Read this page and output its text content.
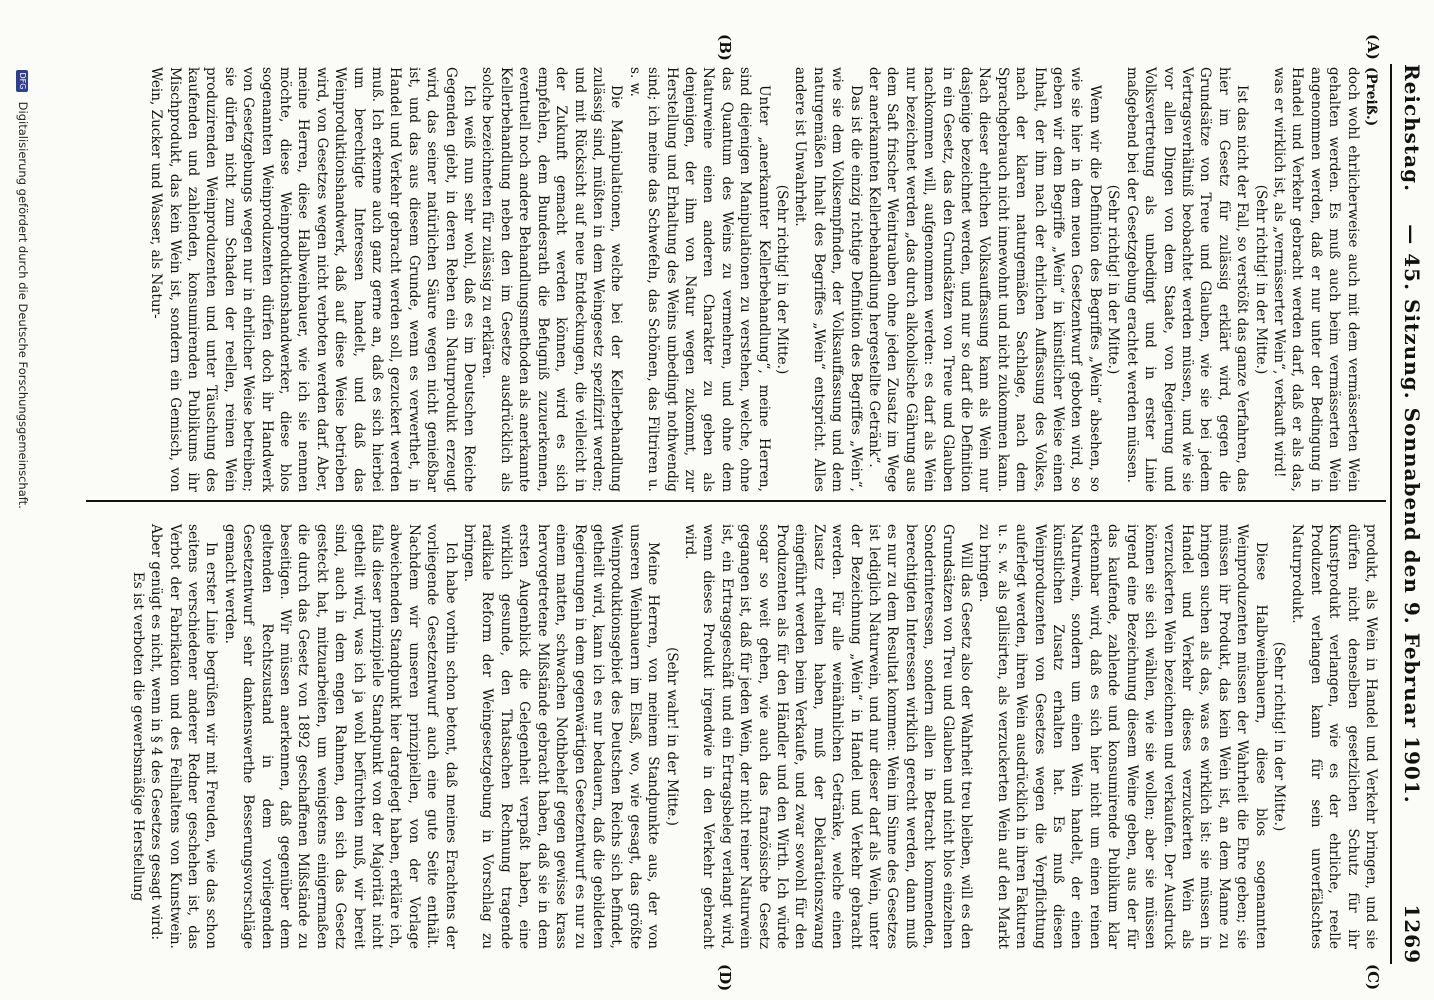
Reichstag.
— 45. Sitzung. Sonnabend den 9. Februar 1901.
1269
(A)
(B)
(C)
(D)

(Preiß.)

doch wohl ehrlicherweise auch mit dem vermässerten Wein gehalten werden. Es muß auch beim vermässerten Wein angenommen werden, daß er nur unter der Bedingung in Handel und Verkehr gebracht werden darf, daß er als das, was er wirklich ist, als „vermässerter Wein“, verkauft wird!

(Sehr richtig! in der Mitte.)

Ist das nicht der Fall, so verstößt das ganze Verfahren, das hier im Gesetz für zulässig erklärt wird, gegen die Grundsätze von Treue und Glauben, wie sie bei jedem Vertragsverhältniß beobachtet werden müssen, und wie sie vor allen Dingen von dem Staate, von Regierung und Volksvertretung als unbedingt und in erster Linie maßgebend bei der Gesetzgebung erachtet werden müssen.

(Sehr richtig! in der Mitte.)

Wenn wir die Definition des Begriffes „Wein“ absehen, so wie sie hier in dem neuen Gesetzentwurf geboten wird, so geben wir dem Begriffe „Wein“ in künstlicher Weise einen Inhalt, der ihm nach der ehrlichen Auffassung des Volkes, nach der klaren naturgemäßen Sachlage, nach dem Sprachgebrauch nicht innewohnt und nicht zukommen kann. Nach dieser ehrlichen Volksauffassung kann als Wein nur dasjenige bezeichnet werden, und nur so darf die Definition in ein Gesetz, das den Grundsätzen von Treue und Glauben nachkommen will, aufgenommen werden: es darf als Wein nur bezeichnet werden „das durch alkoholische Gährung aus dem Saft frischer Weintrauben ohne jeden Zusatz im Wege der anerkannten Kellerbehandlung hergestellte Getränk“.

Das ist die einzig richtige Definition des Begriffes „Wein“, wie sie dem Volksempfinden, der Volksauffassung und dem naturgemäßen Inhalt des Begriffes „Wein“ entspricht. Alles andere ist Unwahrheit.

(Sehr richtig! in der Mitte.)

Unter „anerkannter Kellerbehandlung“, meine Herren, sind diejenigen Manipulationen zu verstehen, welche, ohne das Quantum des Weins zu vermehren, und ohne dem Naturweine einen anderen Charakter zu geben als denjenigen, der ihm von Natur wegen zukommt, zur Herstellung und Erhaltung des Weins unbedingt nothwendig sind; ich meine das Schwefeln, das Schönen, das Filtriren u. s. w.

Die Manipulationen, welche bei der Kellerbehandlung zulässig sind, müßten in dem Weingesetz spezifizirt werden; und mit Rücksicht auf neue Entdeckungen, die vielleicht in der Zukunft gemacht werden können, wird es sich empfehlen, dem Bundesrath die Befugniß zuzuerkennen, eventuell noch andere Behandlungsmethoden als anerkannte Kellerbehandlung neben den im Gesetze ausdrücklich als solche bezeichneten für zulässig zu erklären.

Ich weiß nun sehr wohl, daß es im Deutschen Reiche Gegenden giebt, in deren Reben ein Naturprodukt erzeugt wird, das seiner natürlichen Säure wegen nicht genießbar ist, und das aus diesem Grunde, wenn es verwerthet, in Handel und Verkehr gebracht werden soll, gezuckert werden muß. Ich erkenne auch ganz gerne an, daß es sich hierbei um berechtigte Interessen handelt, und daß das Weinproduktionshandwerk, daß auf diese Weise betrieben wird, von Gesetzes wegen nicht verboten werden darf. Aber, meine Herren, diese Halbweinbauer, wie ich sie nennen möchte, diese Weinproduktionshandwerker, diese blos sogenannten Weinproduzenten dürfen doch ihr Handwerk von Gesetzgebungs wegen nur in ehrlicher Weise betreiben; sie dürfen nicht zum Schaden der reellen, reinen Wein produzirenden Weinproduzenten und unter Täuschung des kaufenden und zahlenden, konsumirenden Publikums ihr Mischprodukt, das kein Wein ist, sondern ein Gemisch, von Wein, Zucker und Wasser, als Natur-

produkt, als Wein in Handel und Verkehr bringen, und sie dürfen nicht denselben gesetzlichen Schutz für ihr Kunstprodukt verlangen, wie es der ehrliche, reelle Produzent verlangen kann für sein unverfälschtes Naturprodukt.

(Sehr richtig! in der Mitte.)

Diese Halbweinbauern, diese blos sogenannten Weinproduzenten müssen der Wahrheit die Ehre geben; sie müssen ihr Produkt, das kein Wein ist, an dem Manne zu bringen suchen als das, was es wirklich ist: sie müssen in Handel und Verkehr dieses verzuckerten Wein als verzuckerten Wein bezeichnen und verkaufen. Der Ausdruck können sie sich wählen, wie sie wollen; aber sie müssen irgend eine Bezeichnung diesem Weine geben, aus der für das kaufende, zahlende und konsumirende Publikum klar erkennbar wird, daß es sich hier nicht um einen reinen Naturwein, sondern um einen Wein handelt, der einen künstlichen Zusatz erhalten hat. Es muß diesen Weinproduzenten von Gesetzes wegen die Verpflichtung auferlegt werden, ihren Wein ausdrücklich in ihren Fakturen u. s. w. als gallisirten, als verzuckerten Wein auf den Markt zu bringen.

Will das Gesetz also der Wahrheit treu bleiben, will es den Grundsätzen von Treu und Glauben und nicht blos einzelnen Sonderinteressen, sondern allen in Betracht kommenden, berechtigten Interessen wirklich gerecht werden, dann muß es nur zu dem Resultat kommen: Wein im Sinne des Gesetzes ist lediglich Naturwein, und nur dieser darf als Wein, unter der Bezeichnung „Wein“ in Handel und Verkehr gebracht werden. Für alle weinähnlichen Getränke, welche einen Zusatz erhalten haben, muß der Deklarationszwang eingeführt werden beim Verkaufe, und zwar sowohl für den Produzenten als für den Händler und den Wirth. Ich würde sogar so weit gehen, wie auch das französische Gesetz gegangen ist, daß für jeden Wein, der nicht reiner Naturwein ist, ein Ertragsgeschäft und ein Ertragsbeleg verlangt wird, wenn dieses Produkt irgendwie in den Verkehr gebracht wird.

(Sehr wahr! in der Mitte.)

Meine Herren, von meinem Standpunkte aus, der von unseren Weinbauern im Elsaß, wo, wie gesagt, das größte Weinproduktionsgebiet des Deutschen Reichs sich befindet, getheilt wird, kann ich es nur bedauern, daß die gebildeten Regierungen in dem gegenwärtigen Gesetzentwurf es nur zu einem matten, schwachen Nothbehelf gegen gewisse krass hervorgetretene Mißstände gebracht haben, daß sie in dem ersten Augenblick die Gelegenheit verpaßt haben, eine wirklich gesunde, den Thatsachen Rechnung tragende radikale Reform der Weingesetzgebung in Vorschlag zu bringen.

Ich habe vorhin schon betont, daß meines Erachtens der vorliegende Gesetzentwurf auch eine gute Seite enthält. Nachdem wir unseren prinzipiellen, von der Vorlage abweichenden Standpunkt hier dargelegt haben, erkläre ich, falls dieser prinzipielle Standpunkt von der Majorität nicht getheilt wird, was ich ja wohl befürchten muß, wir bereit sind, auch in dem engen Rahmen, den sich das Gesetz gesteckt hat, mitzuarbeiten, um wenigstens einigermaßen die durch das Gesetz von 1892 geschaffenen Mißstände zu beseitigen. Wir müssen anerkennen, daß gegenüber dem geltenden Rechtszustand in dem vorliegenden Gesetzentwurf sehr dankenswerthe Besserungsvorschläge gemacht werden.

In erster Linie begrüßen wir mit Freuden, wie das schon seitens verschiedener anderer Redner geschehen ist, das Verbot der Fabrikation und des Feilhaltens von Kunstwein. Aber genügt es nicht, wenn in § 4 des Gesetzes gesagt wird:

Es ist verboten die gewerbsmäßige Herstellung

DFG Digitalisierung gefördert durch die Deutsche Forschungsgemeinschaft.
